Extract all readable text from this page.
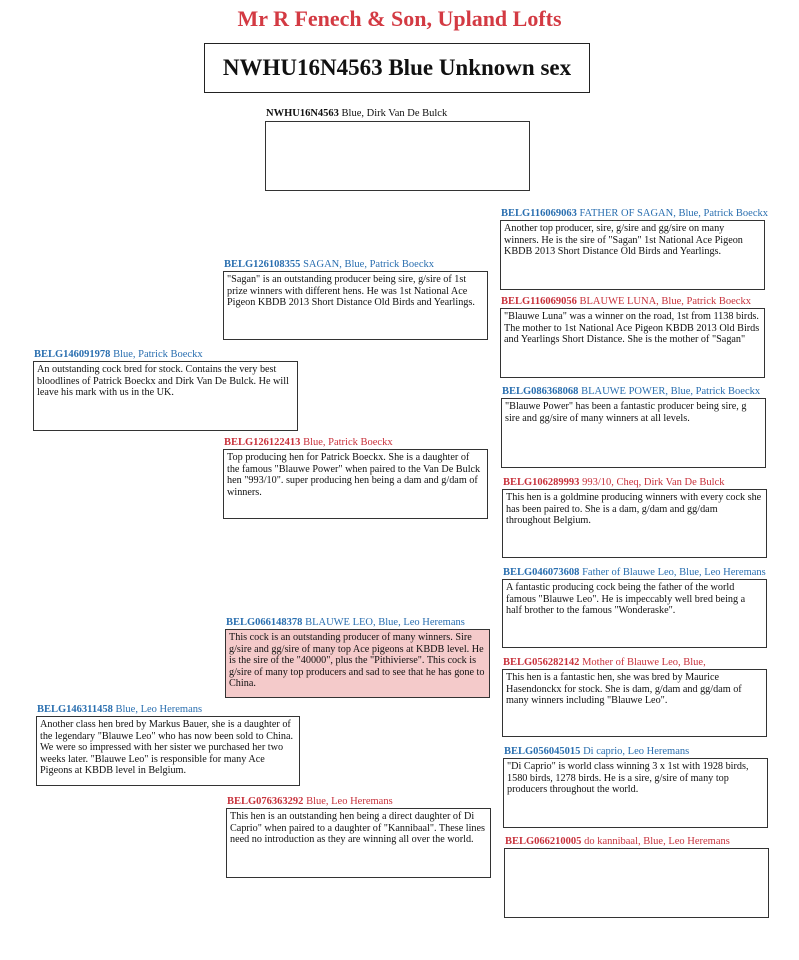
Mr R Fenech & Son, Upland Lofts
NWHU16N4563 Blue Unknown sex
NWHU16N4563 Blue, Dirk Van De Bulck
BELG146091978 Blue, Patrick Boeckx
An outstanding cock bred for stock. Contains the very best bloodlines of Patrick Boeckx and Dirk Van De Bulck. He will leave his mark with us in the UK.
BELG146311458 Blue, Leo Heremans
Another class hen bred by Markus Bauer, she is a daughter of the legendary "Blauwe Leo" who has now been sold to China. We were so impressed with her sister we purchased her two weeks later. "Blauwe Leo" is responsible for many Ace Pigeons at KBDB level in Belgium.
BELG126108355 SAGAN, Blue, Patrick Boeckx
"Sagan" is an outstanding producer being sire, g/sire of 1st prize winners with different hens. He was 1st National Ace Pigeon KBDB 2013 Short Distance Old Birds and Yearlings.
BELG126122413 Blue, Patrick Boeckx
Top producing hen for Patrick Boeckx. She is a daughter of the famous "Blauwe Power" when paired to the Van De Bulck hen "993/10". super producing hen being a dam and g/dam of winners.
BELG066148378 BLAUWE LEO, Blue, Leo Heremans
This cock is an outstanding producer of many winners. Sire g/sire and gg/sire of many top Ace pigeons at KBDB level. He is the sire of the "40000", plus the "Pithivierse". This cock is g/sire of many top producers and sad to see that he has gone to China.
BELG076363292 Blue, Leo Heremans
This hen is an outstanding hen being a direct daughter of Di Caprio" when paired to a daughter of "Kannibaal". These lines need no introduction as they are winning all over the world.
BELG116069063 FATHER OF SAGAN, Blue, Patrick Boeckx
Another top producer, sire, g/sire and gg/sire on many winners. He is the sire of "Sagan" 1st National Ace Pigeon KBDB 2013 Short Distance Old Birds and Yearlings.
BELG116069056 BLAUWE LUNA, Blue, Patrick Boeckx
"Blauwe Luna" was a winner on the road, 1st from 1138 birds. The mother to 1st National Ace Pigeon KBDB 2013 Old Birds and Yearlings Short Distance. She is the mother of "Sagan"
BELG086368068 BLAUWE POWER, Blue, Patrick Boeckx
"Blauwe Power" has been a fantastic producer being sire, g sire and gg/sire of many winners at all levels.
BELG106289993 993/10, Cheq, Dirk Van De Bulck
This hen is a goldmine producing winners with every cock she has been paired to. She is a dam, g/dam and gg/dam throughout Belgium.
BELG046073608 Father of Blauwe Leo, Blue, Leo Heremans
A fantastic producing cock being the father of the world famous "Blauwe Leo". He is impeccably well bred being a half brother to the famous "Wonderaske".
BELG056282142 Mother of Blauwe Leo, Blue,
This hen is a fantastic hen, she was bred by Maurice Hasendonckx for stock. She is dam, g/dam and gg/dam of many winners including "Blauwe Leo".
BELG056045015 Di caprio, Leo Heremans
"Di Caprio" is world class winning 3 x 1st with 1928 birds, 1580 birds, 1278 birds. He is a sire, g/sire of many top producers throughout the world.
BELG066210005 do kannibaal, Blue, Leo Heremans
